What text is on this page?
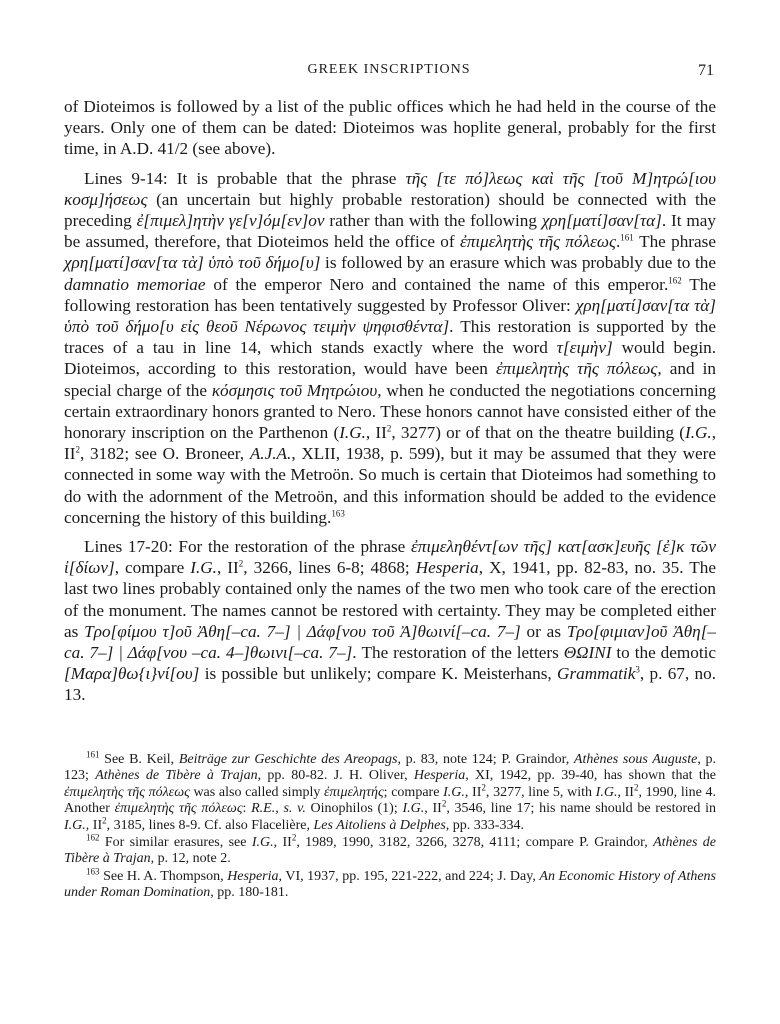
GREEK INSCRIPTIONS	71

of Dioteimos is followed by a list of the public offices which he had held in the course of the years. Only one of them can be dated: Dioteimos was hoplite general, probably for the first time, in A.D. 41/2 (see above).

Lines 9-14: It is probable that the phrase τῆς [τε πό]λεως καὶ τῆς [τοῦ Μ]ητρώ[ιου κοσμ]ήσεως (an uncertain but highly probable restoration) should be connected with the preceding ἐ[πιμελ]ητὴν γε[ν]όμ[εν]ον rather than with the following χρη[ματί]σαν[τα]. It may be assumed, therefore, that Dioteimos held the office of ἐπιμελητὴς τῆς πόλεως.$^{161}$ The phrase χρη[ματί]σαν[τα τὰ] ὑπὸ τοῦ δήμο[υ] is followed by an erasure which was probably due to the damnatio memoriae of the emperor Nero and contained the name of this emperor.$^{162}$ The following restoration has been tentatively suggested by Professor Oliver: χρη[ματί]σαν[τα τὰ] ὑπὸ τοῦ δήμο[υ εἰς θεοῦ Νέρωνος τειμὴν ψηφισθέντα]. This restoration is supported by the traces of a tau in line 14, which stands exactly where the word τ[ειμὴν] would begin. Dioteimos, according to this restoration, would have been ἐπιμελητὴς τῆς πόλεως, and in special charge of the κόσμησις τοῦ Μητρώιου, when he conducted the negotiations concerning certain extraordinary honors granted to Nero. These honors cannot have consisted either of the honorary inscription on the Parthenon (I.G., $II^2$, 3277) or of that on the theatre building (I.G., $II^2$, 3182; see O. Broneer, A.J.A., XLII, 1938, p. 599), but it may be assumed that they were connected in some way with the Metroön. So much is certain that Dioteimos had something to do with the adornment of the Metroön, and this information should be added to the evidence concerning the history of this building.$^{163}$

Lines 17-20: For the restoration of the phrase ἐπιμεληθέντ[ων τῆς] κατ[ασκ]ευῆς [ἐ]κ τῶν ἰ[δίων], compare I.G., $II^2$, 3266, lines 6-8; 4868; Hesperia, X, 1941, pp. 82-83, no. 35. The last two lines probably contained only the names of the two men who took care of the erection of the monument. The names cannot be restored with certainty. They may be completed either as Τρο[φίμου τ]οῦ Ἀθη[–ca. 7–] | Δάφ[νου τοῦ Ἀ]θωινί[–ca. 7–] or as Τρο[φιμιαν]οῦ Ἀθη[–ca. 7–] | Δάφ[νου –ca. 4–]θωινι[–ca. 7–]. The restoration of the letters ΘΩΙΝΙ to the demotic [Μαρα]θω{ι}νί[ου] is possible but unlikely; compare K. Meisterhans, Grammatik$^3$, p. 67, no. 13.

$^{161}$ See B. Keil, Beiträge zur Geschichte des Areopags, p. 83, note 124; P. Graindor, Athènes sous Auguste, p. 123; Athènes de Tibère à Trajan, pp. 80-82. J. H. Oliver, Hesperia, XI, 1942, pp. 39-40, has shown that the ἐπιμελητὴς τῆς πόλεως was also called simply ἐπιμελητής; compare I.G., $II^2$, 3277, line 5, with I.G., $II^2$, 1990, line 4. Another ἐπιμελητὴς τῆς πόλεως: R.E., s. v. Oinophilos (1); I.G., $II^2$, 3546, line 17; his name should be restored in I.G., $II^2$, 3185, lines 8-9. Cf. also Flacelière, Les Aitoliens à Delphes, pp. 333-334.

$^{162}$ For similar erasures, see I.G., $II^2$, 1989, 1990, 3182, 3266, 3278, 4111; compare P. Graindor, Athènes de Tibère à Trajan, p. 12, note 2.

$^{163}$ See H. A. Thompson, Hesperia, VI, 1937, pp. 195, 221-222, and 224; J. Day, An Economic History of Athens under Roman Domination, pp. 180-181.
